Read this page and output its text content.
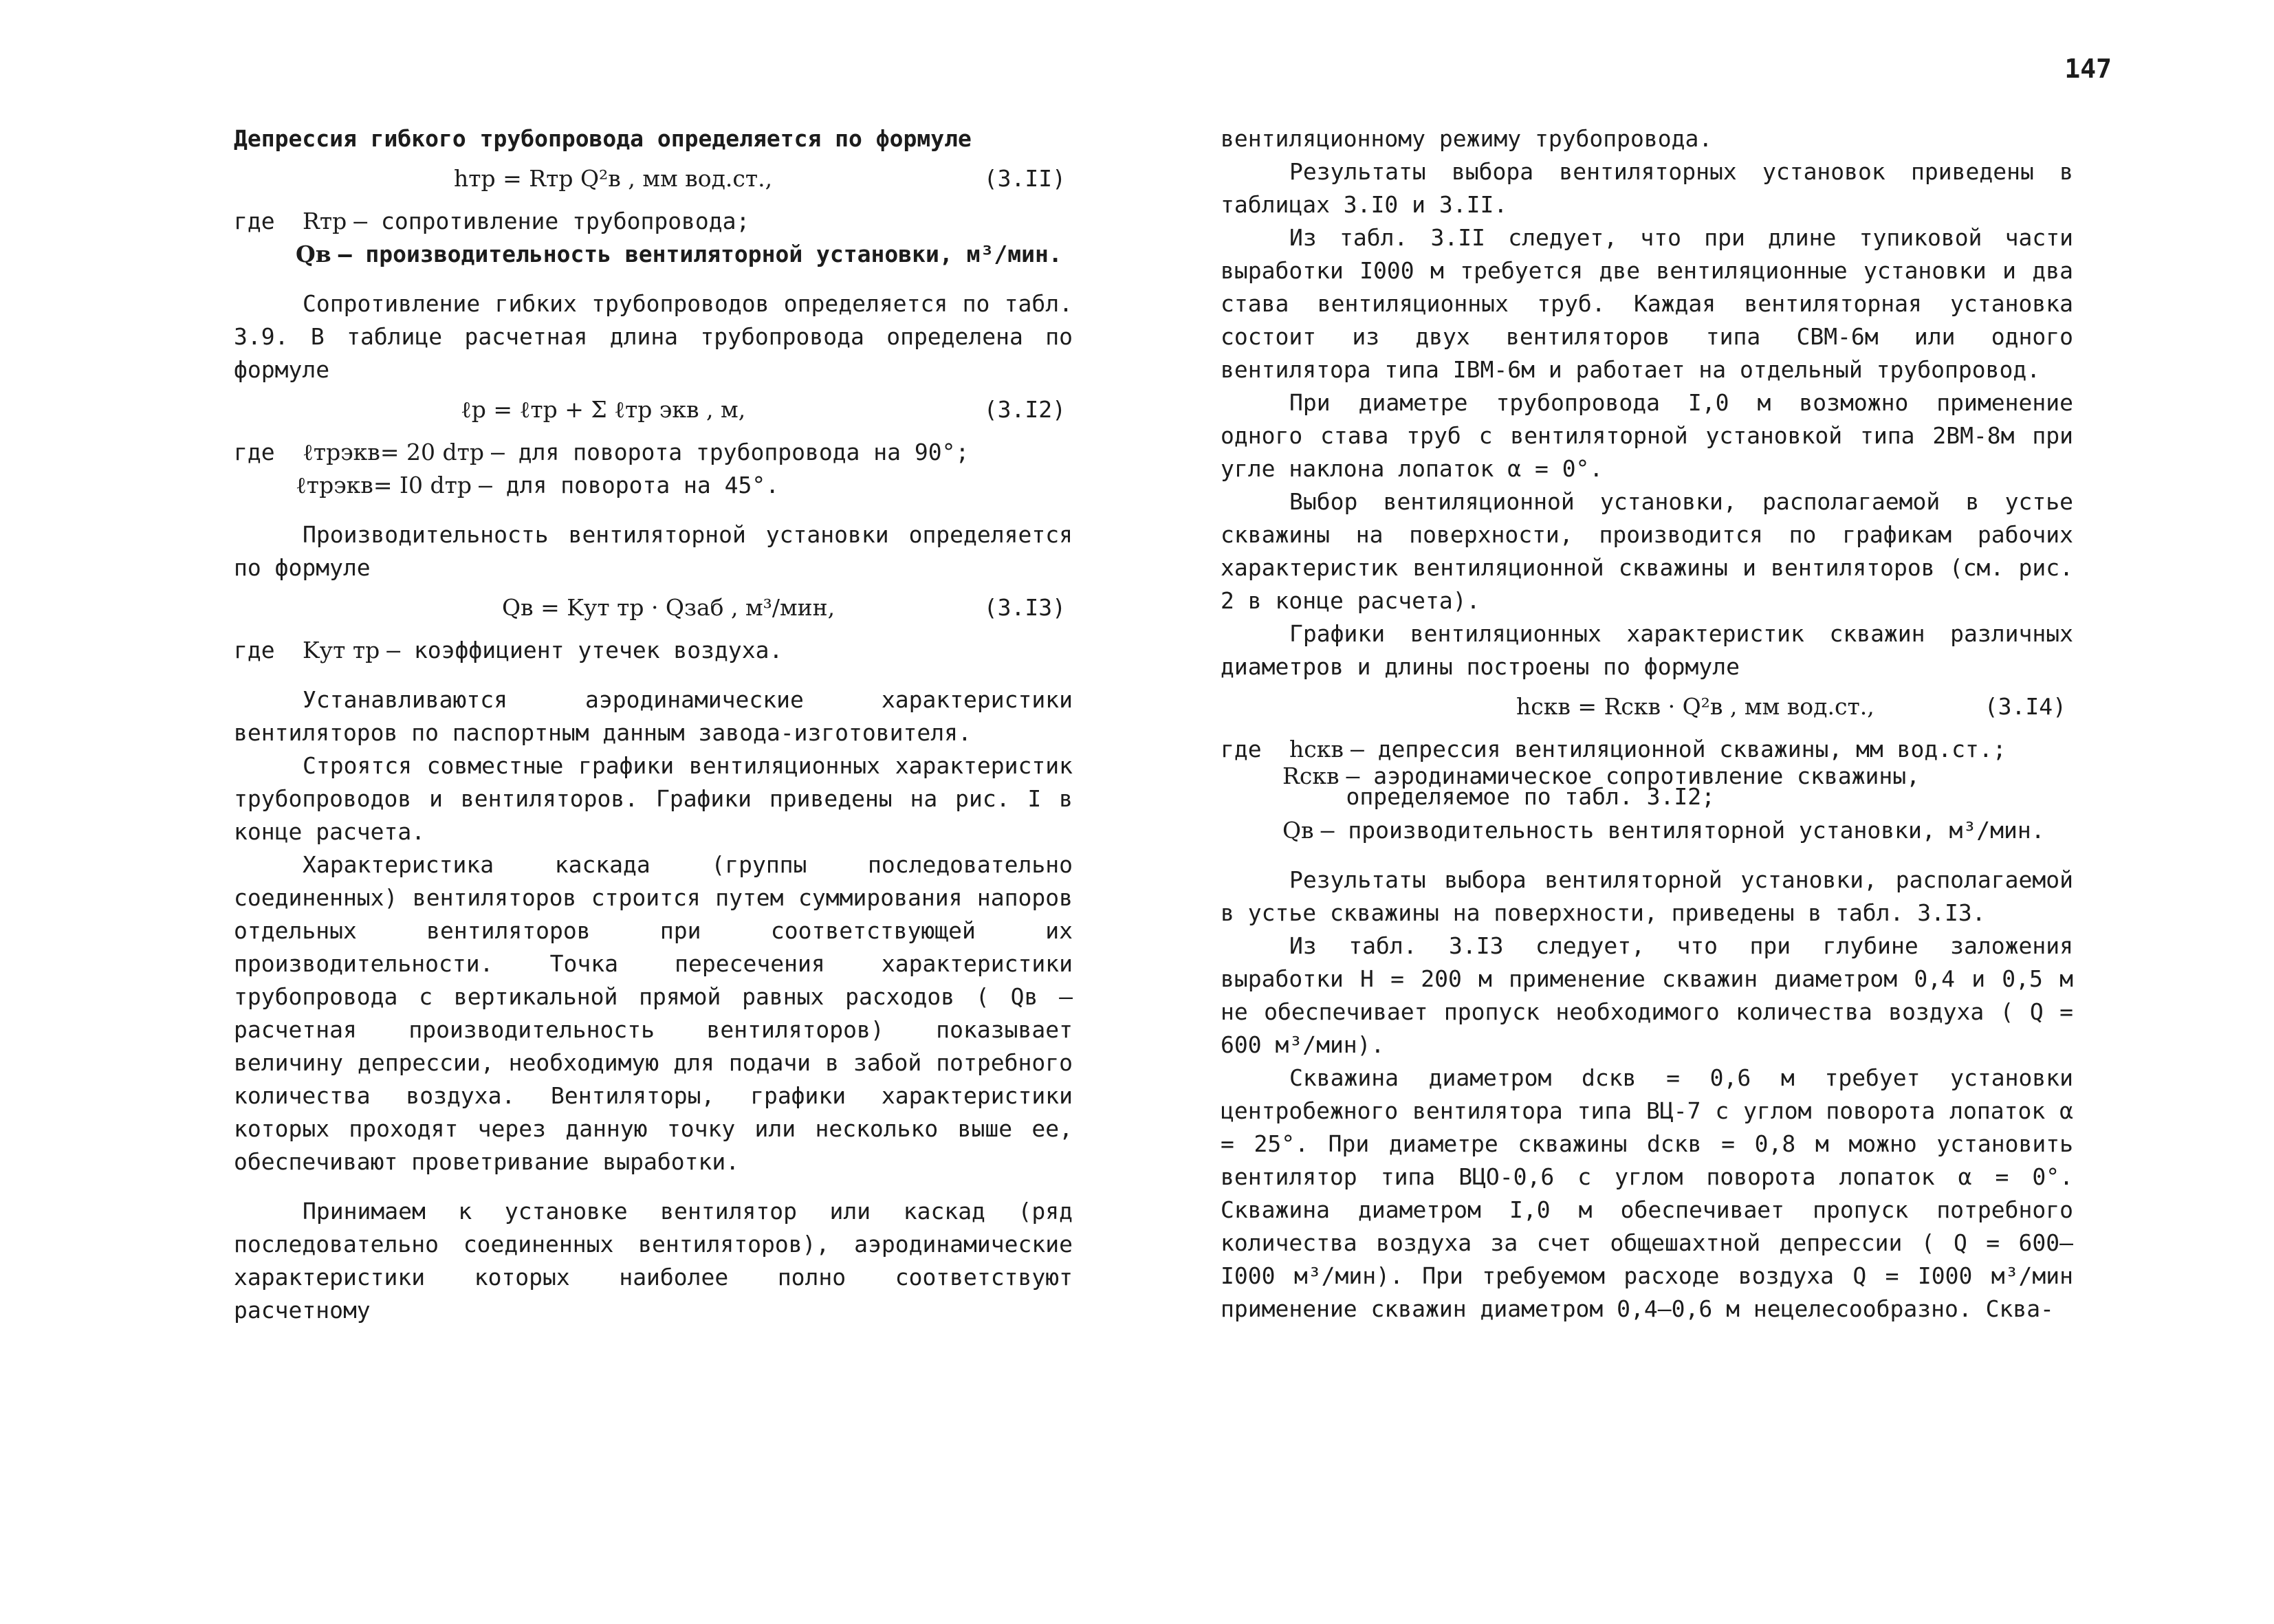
147

Депрессия гибкого трубопровода определяется по формуле

hтр = Rтр Q²в , мм вод.ст.,	(3.II)
где	Rтр – сопротивление трубопровода;
Qв – производительность вентиляторной установки, м³/мин.

Сопротивление гибких трубопроводов определяется по табл. 3.9. В таблице расчетная длина трубопровода определена по формуле

ℓр = ℓтр + Σ ℓтр экв , м,	(3.I2)
где	ℓтрэкв= 20 dтр – для поворота трубопровода на 90°;
ℓтрэкв= I0 dтр – для поворота на 45°.

Производительность вентиляторной установки определяется по формуле

Qв = Kут тр · Qзаб , м³/мин,	(3.I3)
где	Kут тр – коэффициент утечек воздуха.

Устанавливаются аэродинамические характеристики вентиляторов по паспортным данным завода-изготовителя.

Строятся совместные графики вентиляционных характеристик трубопроводов и вентиляторов. Графики приведены на рис. I в конце расчета.

Характеристика каскада (группы последовательно соединенных) вентиляторов строится путем суммирования напоров отдельных вентиляторов при соответствующей их производительности. Точка пересечения характеристики трубопровода с вертикальной прямой равных расходов ( Qв – расчетная производительность вентиляторов) показывает величину депрессии, необходимую для подачи в забой потребного количества воздуха. Вентиляторы, графики характеристики которых проходят через данную точку или несколько выше ее, обеспечивают проветривание выработки.

Принимаем к установке вентилятор или каскад (ряд последовательно соединенных вентиляторов), аэродинамические характеристики которых наиболее полно соответствуют расчетному

вентиляционному режиму трубопровода.

Результаты выбора вентиляторных установок приведены в таблицах 3.I0 и 3.II.

Из табл. 3.II следует, что при длине тупиковой части выработки I000 м требуется две вентиляционные установки и два става вентиляционных труб. Каждая вентиляторная установка состоит из двух вентиляторов типа СВМ-6м или одного вентилятора типа IВМ-6м и работает на отдельный трубопровод.

При диаметре трубопровода I,0 м возможно применение одного става труб с вентиляторной установкой типа 2ВМ-8м при угле наклона лопаток α = 0°.

Выбор вентиляционной установки, располагаемой в устье скважины на поверхности, производится по графикам рабочих характеристик вентиляционной скважины и вентиляторов (см. рис. 2 в конце расчета).

Графики вентиляционных характеристик скважин различных диаметров и длины построены по формуле

hскв = Rскв · Q²в , мм вод.ст.,	(3.I4)
где	hскв – депрессия вентиляционной скважины, мм вод.ст.;
Rскв – аэродинамическое сопротивление скважины, определяемое по табл. 3.I2;
Qв – производительность вентиляторной установки, м³/мин.

Результаты выбора вентиляторной установки, располагаемой в устье скважины на поверхности, приведены в табл. 3.I3.

Из табл. 3.I3 следует, что при глубине заложения выработки Н = 200 м применение скважин диаметром 0,4 и 0,5 м не обеспечивает пропуск необходимого количества воздуха ( Q = 600 м³/мин).

Скважина диаметром dскв = 0,6 м требует установки центробежного вентилятора типа ВЦ-7 с углом поворота лопаток α = 25°. При диаметре скважины dскв = 0,8 м можно установить вентилятор типа ВЦО-0,6 с углом поворота лопаток α = 0°. Скважина диаметром I,0 м обеспечивает пропуск потребного количества воздуха за счет общешахтной депрессии ( Q = 600–I000 м³/мин). При требуемом расходе воздуха Q = I000 м³/мин применение скважин диаметром 0,4–0,6 м нецелесообразно. Сква-
